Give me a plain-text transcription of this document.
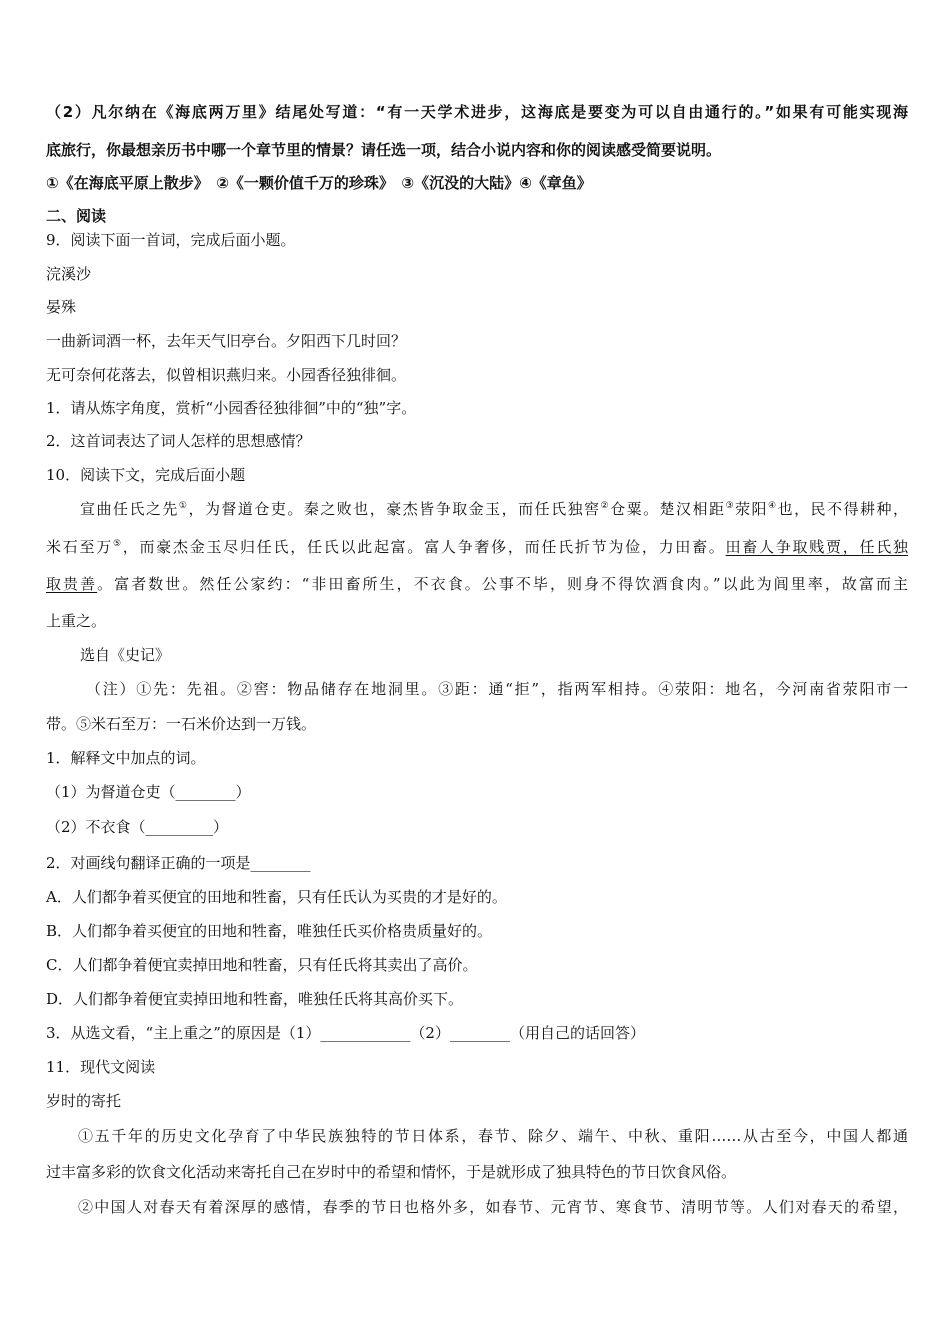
（2）凡尔纳在《海底两万里》结尾处写道：“有一天学术进步，这海底是要变为可以自由通行的。”如果有可能实现海
底旅行，你最想亲历书中哪一个章节里的情景？请任选一项，结合小说内容和你的阅读感受简要说明。
①《在海底平原上散步》　②《一颗价值千万的珍珠》　③《沉没的大陆》④《章鱼》
二、阅读
9．阅读下面一首词，完成后面小题。
浣溪沙
晏殊
一曲新词酒一杯，去年天气旧亭台。夕阳西下几时回？
无可奈何花落去，似曾相识燕归来。小园香径独徘徊。
1．请从炼字角度，赏析“小园香径独徘徊”中的“独”字。
2．这首词表达了词人怎样的思想感情？
10．阅读下文，完成后面小题
宣曲任氏之先①，为督道仓吏。秦之败也，豪杰皆争取金玉，而任氏独窖②仓粟。楚汉相距③荥阳④也，民不得耕种，
米石至万⑤，而豪杰金玉尽归任氏，任氏以此起富。富人争奢侈，而任氏折节为俭，力田畜。田畜人争取贱贾，任氏独
取贵善。富者数世。然任公家约：“非田畜所生，不衣食。公事不毕，则身不得饮酒食肉。”以此为闾里率，故富而主
上重之。
选自《史记》
（注）①先：先祖。②窖：物品储存在地洞里。③距：通“拒”，指两军相持。④荥阳：地名，今河南省荥阳市一
带。⑤米石至万：一石米价达到一万钱。
1．解释文中加点的词。
（1）为督道仓吏（________）
（2）不衣食（_________）
2．对画线句翻译正确的一项是________
A．人们都争着买便宜的田地和牲畜，只有任氏认为买贵的才是好的。
B．人们都争着买便宜的田地和牲畜，唯独任氏买价格贵质量好的。
C．人们都争着便宜卖掉田地和牲畜，只有任氏将其卖出了高价。
D．人们都争着便宜卖掉田地和牲畜，唯独任氏将其高价买下。
3．从选文看，“主上重之”的原因是（1）____________（2）________（用自己的话回答）
11．现代文阅读
岁时的寄托
①五千年的历史文化孕育了中华民族独特的节日体系，春节、除夕、端午、中秋、重阳……从古至今，中国人都通
过丰富多彩的饮食文化活动来寄托自己在岁时中的希望和情怀，于是就形成了独具特色的节日饮食风俗。
②中国人对春天有着深厚的感情，春季的节日也格外多，如春节、元宵节、寒食节、清明节等。人们对春天的希望，
